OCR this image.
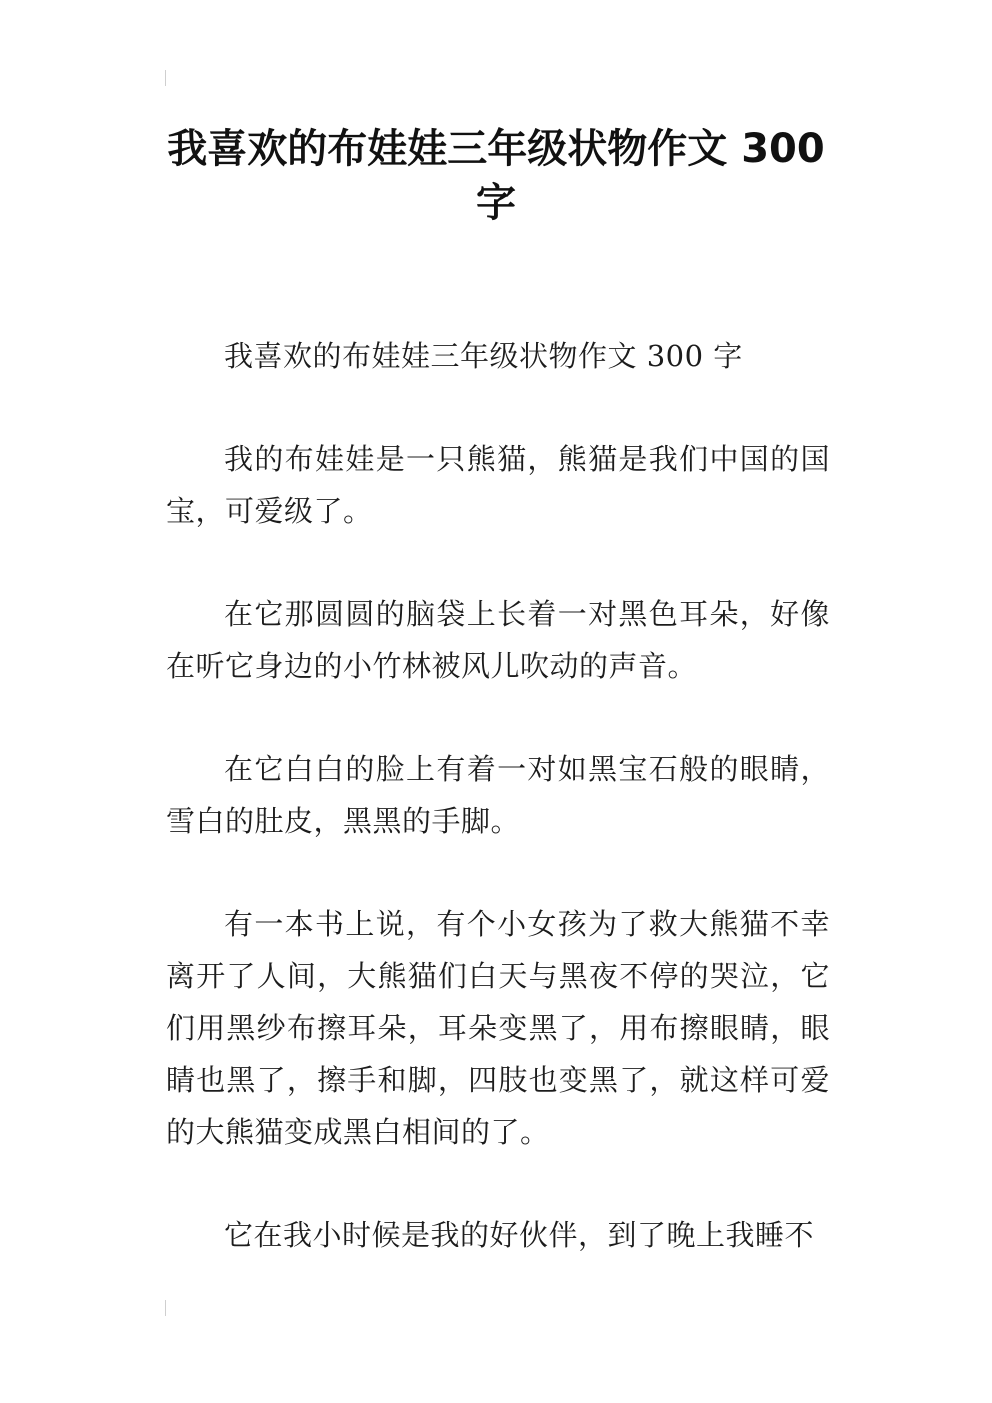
我喜欢的布娃娃三年级状物作文 300 字

我喜欢的布娃娃三年级状物作文 300 字

我的布娃娃是一只熊猫，熊猫是我们中国的国宝，可爱级了。

在它那圆圆的脑袋上长着一对黑色耳朵，好像在听它身边的小竹林被风儿吹动的声音。

在它白白的脸上有着一对如黑宝石般的眼睛，雪白的肚皮，黑黑的手脚。

有一本书上说，有个小女孩为了救大熊猫不幸离开了人间，大熊猫们白天与黑夜不停的哭泣，它们用黑纱布擦耳朵，耳朵变黑了，用布擦眼睛，眼睛也黑了，擦手和脚，四肢也变黑了，就这样可爱的大熊猫变成黑白相间的了。

它在我小时候是我的好伙伴，到了晚上我睡不
